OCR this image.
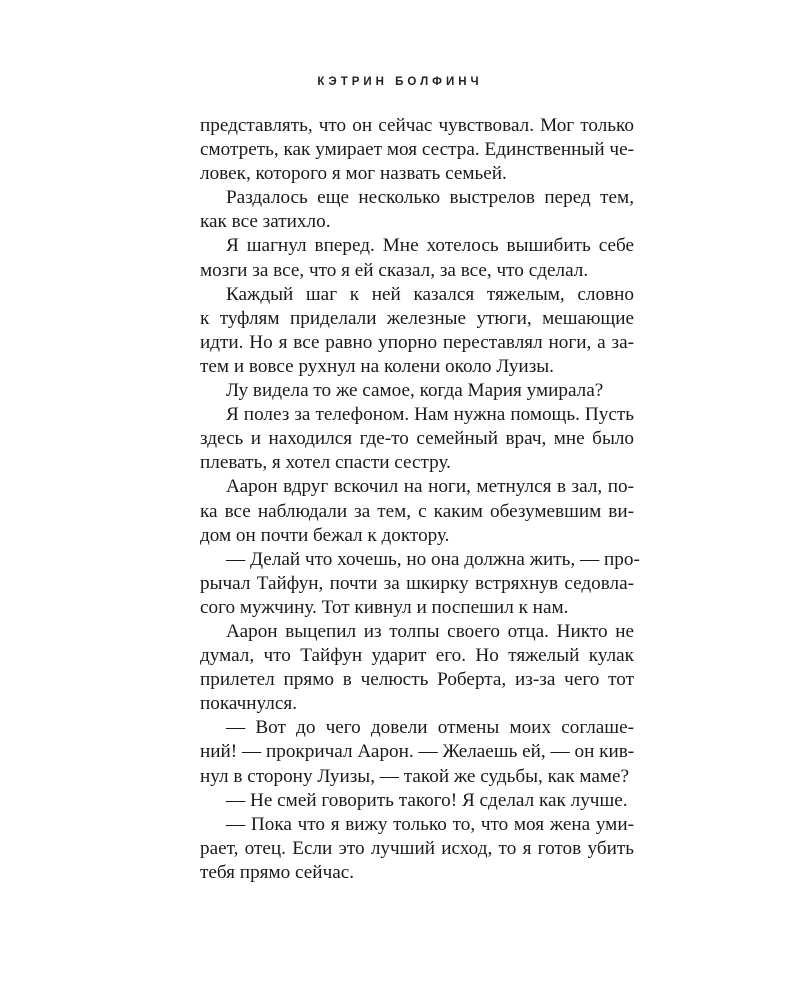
КЭТРИН БОЛФИНЧ
представлять, что он сейчас чувствовал. Мог только
смотреть, как умирает моя сестра. Единственный че-
ловек, которого я мог назвать семьей.
Раздалось еще несколько выстрелов перед тем,
как все затихло.
Я шагнул вперед. Мне хотелось вышибить себе
мозги за все, что я ей сказал, за все, что сделал.
Каждый шаг к ней казался тяжелым, словно
к туфлям приделали железные утюги, мешающие
идти. Но я все равно упорно переставлял ноги, а за-
тем и вовсе рухнул на колени около Луизы.
Лу видела то же самое, когда Мария умирала?
Я полез за телефоном. Нам нужна помощь. Пусть
здесь и находился где-то семейный врач, мне было
плевать, я хотел спасти сестру.
Аарон вдруг вскочил на ноги, метнулся в зал, по-
ка все наблюдали за тем, с каким обезумевшим ви-
дом он почти бежал к доктору.
— Делай что хочешь, но она должна жить, — про-
рычал Тайфун, почти за шкирку встряхнув седовла-
сого мужчину. Тот кивнул и поспешил к нам.
Аарон выцепил из толпы своего отца. Никто не
думал, что Тайфун ударит его. Но тяжелый кулак
прилетел прямо в челюсть Роберта, из-за чего тот
покачнулся.
— Вот до чего довели отмены моих соглаше-
ний! — прокричал Аарон. — Желаешь ей, — он кив-
нул в сторону Луизы, — такой же судьбы, как маме?
— Не смей говорить такого! Я сделал как лучше.
— Пока что я вижу только то, что моя жена уми-
рает, отец. Если это лучший исход, то я готов убить
тебя прямо сейчас.
